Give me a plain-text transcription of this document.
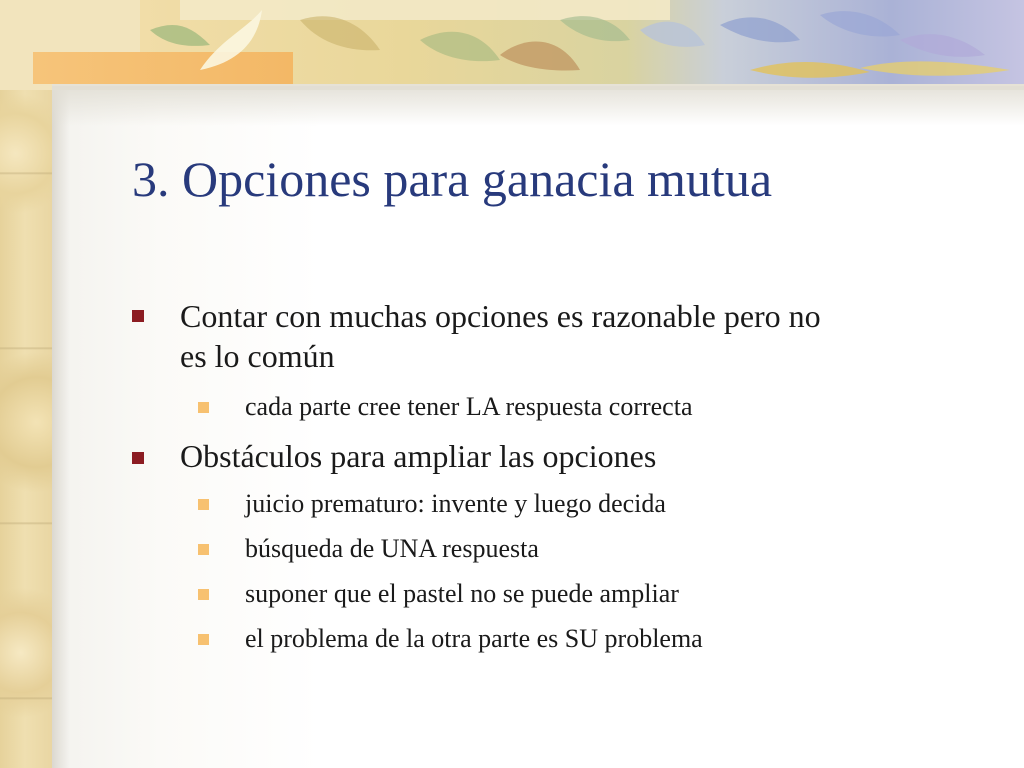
3. Opciones para ganacia mutua

Contar con muchas opciones es razonable pero no

es lo común

cada parte cree tener LA respuesta correcta

Obstáculos para ampliar las opciones

juicio prematuro: invente y luego decida

búsqueda de UNA respuesta

suponer que el pastel no se puede ampliar

el problema de la otra parte es SU problema
